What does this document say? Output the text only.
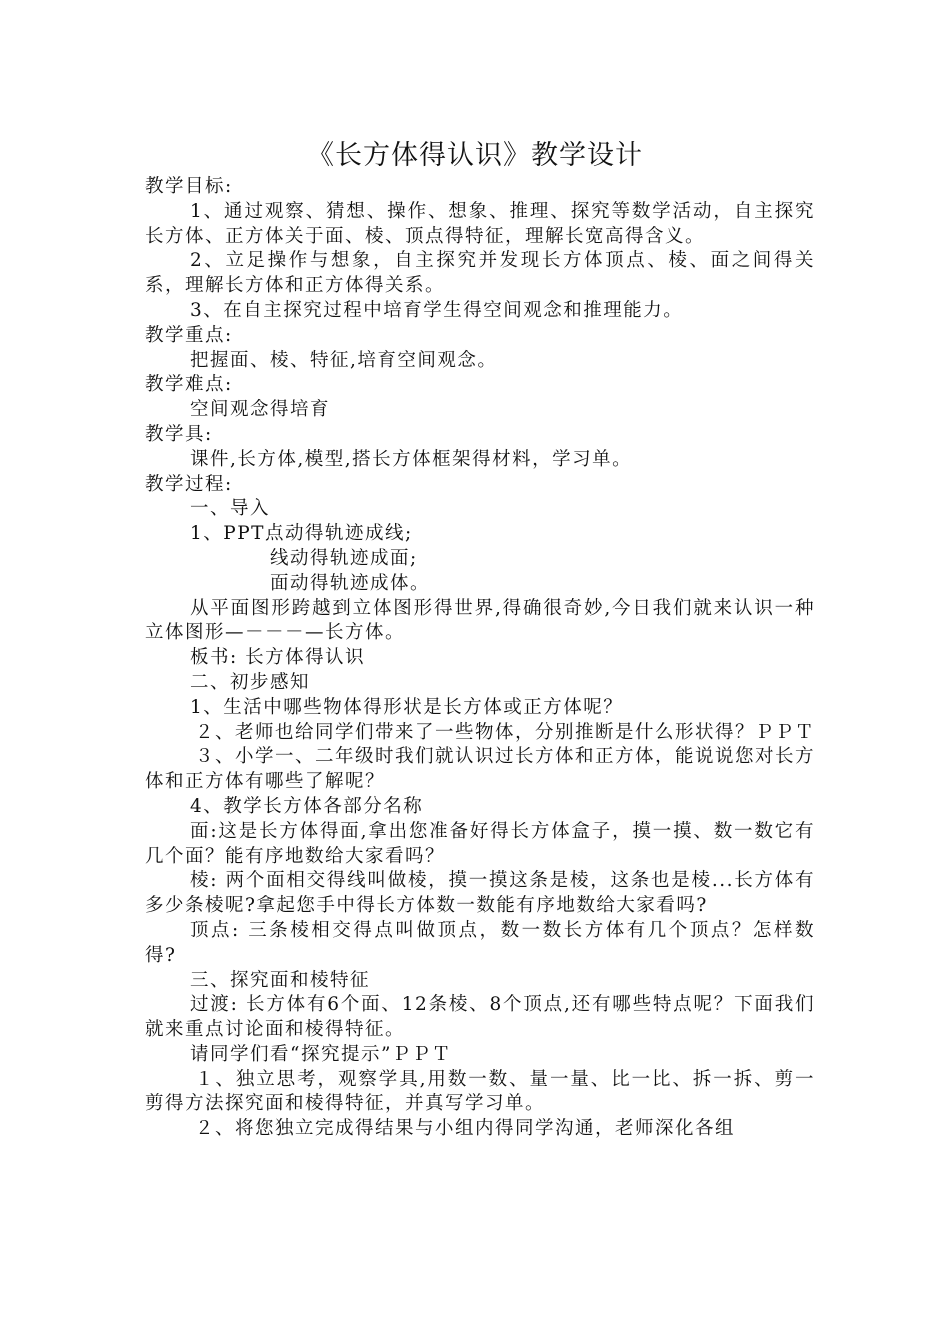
《长方体得认识》教学设计

教学目标:

1、通过观察、猜想、操作、想象、推理、探究等数学活动，自主探究长方体、正方体关于面、棱、顶点得特征，理解长宽高得含义。

2、立足操作与想象，自主探究并发现长方体顶点、棱、面之间得关系，理解长方体和正方体得关系。

3、在自主探究过程中培育学生得空间观念和推理能力。

教学重点:

把握面、棱、特征,培育空间观念。

教学难点:

空间观念得培育

教学具:

课件,长方体,模型,搭长方体框架得材料，学习单。

教学过程:

一、导入

1、PPT点动得轨迹成线;

线动得轨迹成面;

面动得轨迹成体。

从平面图形跨越到立体图形得世界,得确很奇妙,今日我们就来认识一种立体图形—－－－—长方体。

板书: 长方体得认识

二、初步感知

1、生活中哪些物体得形状是长方体或正方体呢？

２、老师也给同学们带来了一些物体，分别推断是什么形状得？ＰＰＴ

３、小学一、二年级时我们就认识过长方体和正方体，能说说您对长方体和正方体有哪些了解呢？

4、教学长方体各部分名称

面:这是长方体得面,拿出您准备好得长方体盒子，摸一摸、数一数它有几个面？能有序地数给大家看吗？

棱: 两个面相交得线叫做棱，摸一摸这条是棱，这条也是棱...长方体有多少条棱呢?拿起您手中得长方体数一数能有序地数给大家看吗?

顶点: 三条棱相交得点叫做顶点，数一数长方体有几个顶点？怎样数得?

三、探究面和棱特征

过渡: 长方体有6个面、12条棱、8个顶点,还有哪些特点呢？下面我们就来重点讨论面和棱得特征。

请同学们看“探究提示”ＰＰＴ

１、独立思考，观察学具,用数一数、量一量、比一比、拆一拆、剪一剪得方法探究面和棱得特征，并真写学习单。

２、将您独立完成得结果与小组内得同学沟通，老师深化各组
